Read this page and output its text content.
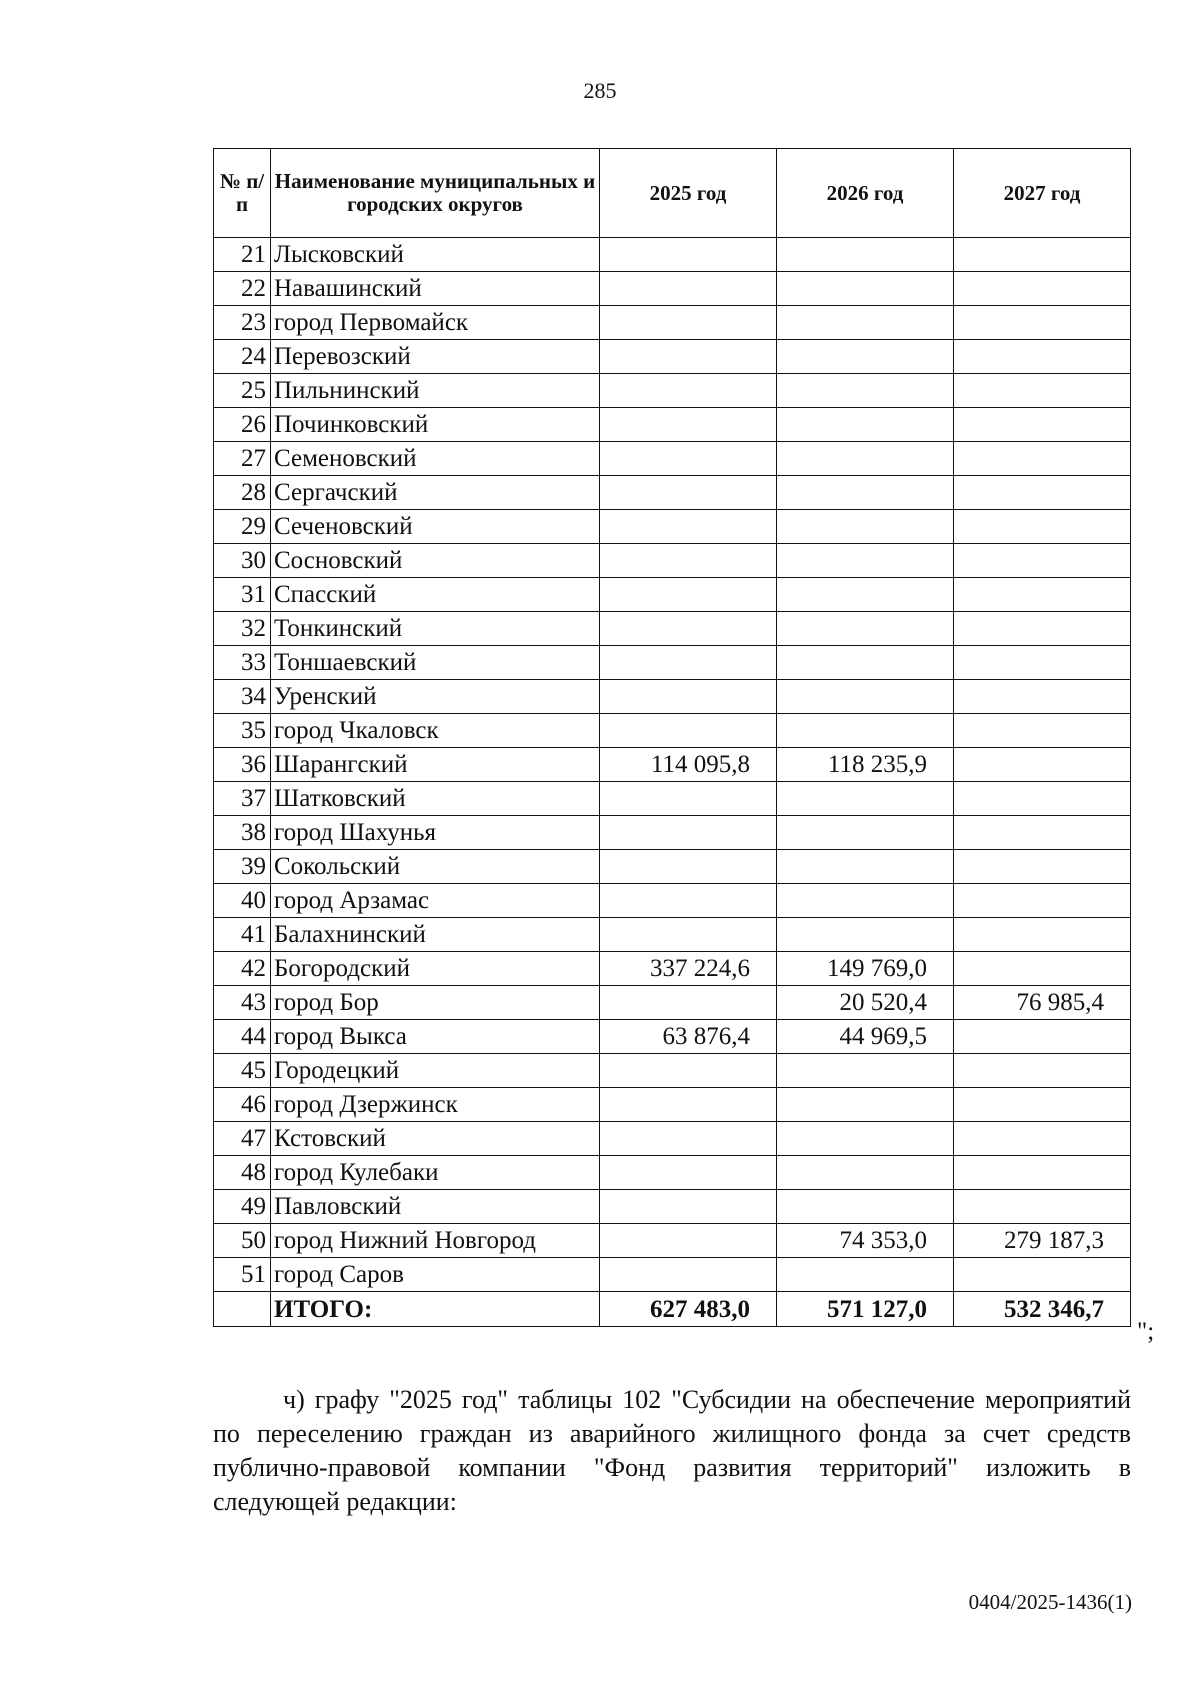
285
№ п/п	Наименование муниципальных и городских округов	2025 год	2026 год	2027 год
21	Лысковский			
22	Навашинский			
23	город Первомайск			
24	Перевозский			
25	Пильнинский			
26	Починковский			
27	Семеновский			
28	Сергачский			
29	Сеченовский			
30	Сосновский			
31	Спасский			
32	Тонкинский			
33	Тоншаевский			
34	Уренский			
35	город Чкаловск			
36	Шарангский	114 095,8	118 235,9	
37	Шатковский			
38	город Шахунья			
39	Сокольский			
40	город Арзамас			
41	Балахнинский			
42	Богородский	337 224,6	149 769,0	
43	город Бор		20 520,4	76 985,4
44	город Выкса	63 876,4	44 969,5	
45	Городецкий			
46	город Дзержинск			
47	Кстовский			
48	город Кулебаки			
49	Павловский			
50	город Нижний Новгород		74 353,0	279 187,3
51	город Саров			
	ИТОГО:	627 483,0	571 127,0	532 346,7
";

ч) графу "2025 год" таблицы 102 "Субсидии на обеспечение мероприятий по переселению граждан из аварийного жилищного фонда за счет средств публично-правовой компании "Фонд развития территорий" изложить в следующей редакции:

0404/2025-1436(1)
